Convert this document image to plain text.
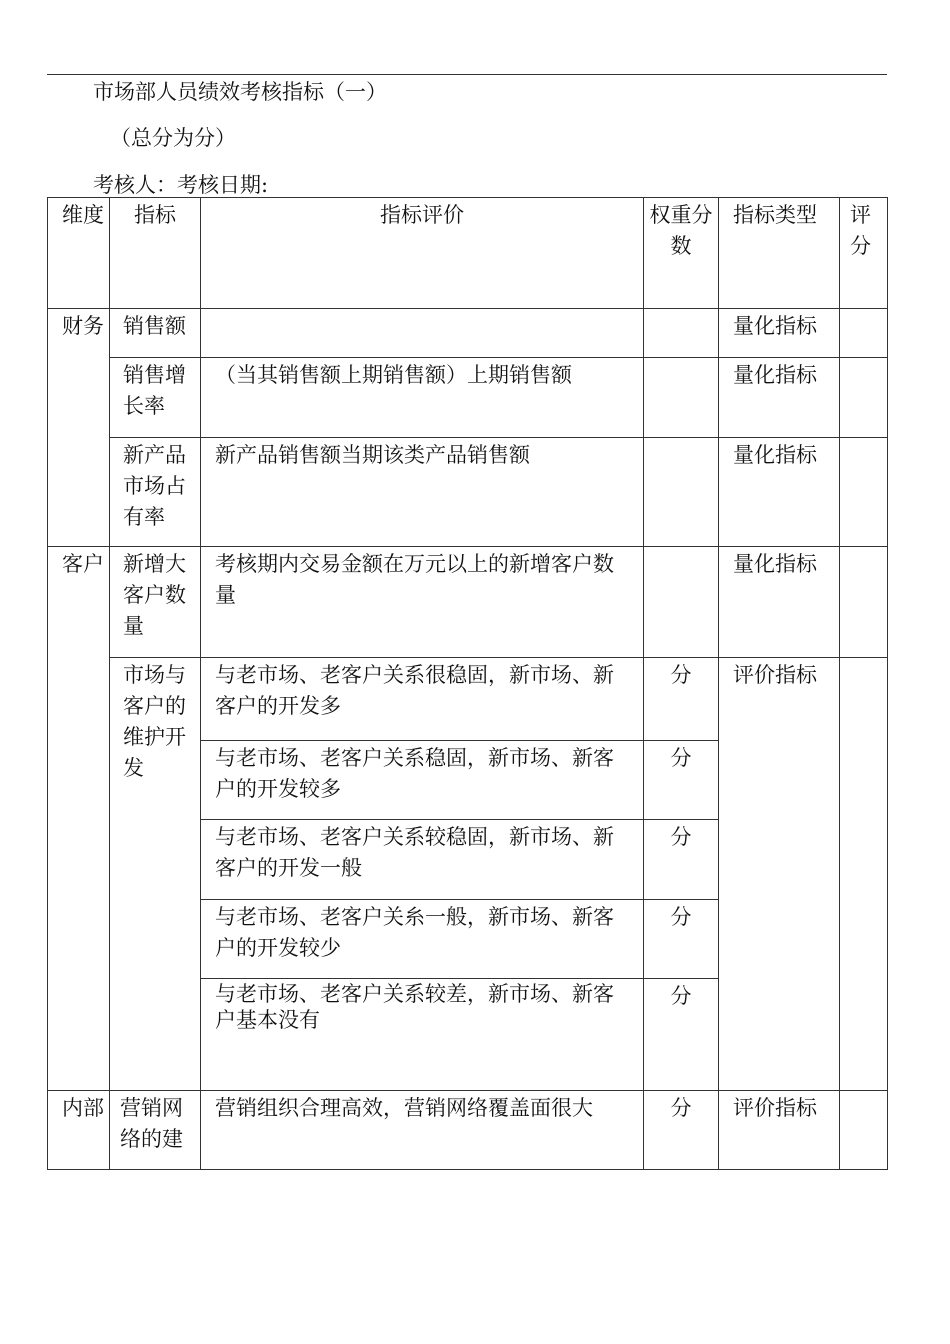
市场部人员绩效考核指标（一）
（总分为分）
考核人：考核日期:
维度	指标	指标评价	权重分数	指标类型	评分
财务	销售额			量化指标	
	销售增长率	（当其销售额上期销售额）上期销售额		量化指标	
	新产品市场占有率	新产品销售额当期该类产品销售额		量化指标	
客户	新增大客户数量	考核期内交易金额在万元以上的新增客户数量		量化指标	
	市场与客户的维护开发	与老市场、老客户关系很稳固，新市场、新客户的开发多	分	评价指标	
		与老市场、老客户关系稳固，新市场、新客户的开发较多	分		
		与老市场、老客户关系较稳固，新市场、新客户的开发一般	分		
		与老市场、老客户关糸一般，新市场、新客户的开发较少	分		
		与老市场、老客户关系较差，新市场、新客户基本没有	分		
内部	营销网络的建	营销组织合理高效，营销网络覆盖面很大	分	评价指标	
